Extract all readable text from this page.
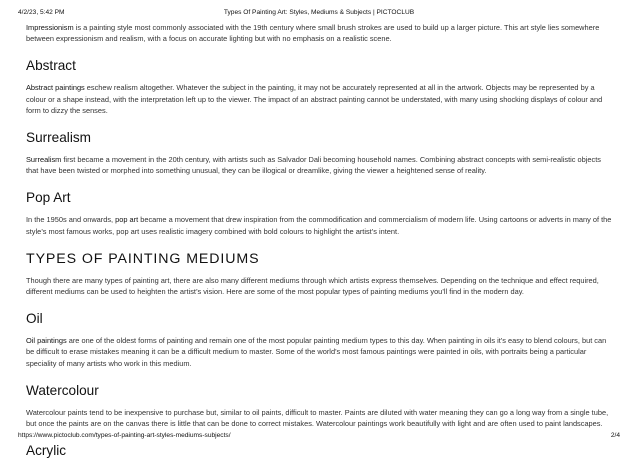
4/2/23, 5:42 PM	Types Of Painting Art: Styles, Mediums & Subjects | PICTOCLUB

Impressionism is a painting style most commonly associated with the 19th century where small brush strokes are used to build up a larger picture. This art style lies somewhere between expressionism and realism, with a focus on accurate lighting but with no emphasis on a realistic scene.

Abstract

Abstract paintings eschew realism altogether. Whatever the subject in the painting, it may not be accurately represented at all in the artwork. Objects may be represented by a colour or a shape instead, with the interpretation left up to the viewer. The impact of an abstract painting cannot be understated, with many using shocking displays of colour and form to dizzy the senses.

Surrealism

Surrealism first became a movement in the 20th century, with artists such as Salvador Dali becoming household names. Combining abstract concepts with semi-realistic objects that have been twisted or morphed into something unusual, they can be illogical or dreamlike, giving the viewer a heightened sense of reality.

Pop Art

In the 1950s and onwards, pop art became a movement that drew inspiration from the commodification and commercialism of modern life. Using cartoons or adverts in many of the style’s most famous works, pop art uses realistic imagery combined with bold colours to highlight the artist’s intent.

TYPES OF PAINTING MEDIUMS

Though there are many types of painting art, there are also many different mediums through which artists express themselves. Depending on the technique and effect required, different mediums can be used to heighten the artist’s vision. Here are some of the most popular types of painting mediums you’ll find in the modern day.

Oil

Oil paintings are one of the oldest forms of painting and remain one of the most popular painting medium types to this day. When painting in oils it’s easy to blend colours, but can be difficult to erase mistakes meaning it can be a difficult medium to master. Some of the world’s most famous paintings were painted in oils, with portraits being a particular speciality of many artists who work in this medium.

Watercolour

Watercolour paints tend to be inexpensive to purchase but, similar to oil paints, difficult to master. Paints are diluted with water meaning they can go a long way from a single tube, but once the paints are on the canvas there is little that can be done to correct mistakes. Watercolour paintings work beautifully with light and are often used to paint landscapes.

Acrylic
https://www.pictoclub.com/types-of-painting-art-styles-mediums-subjects/	2/4
